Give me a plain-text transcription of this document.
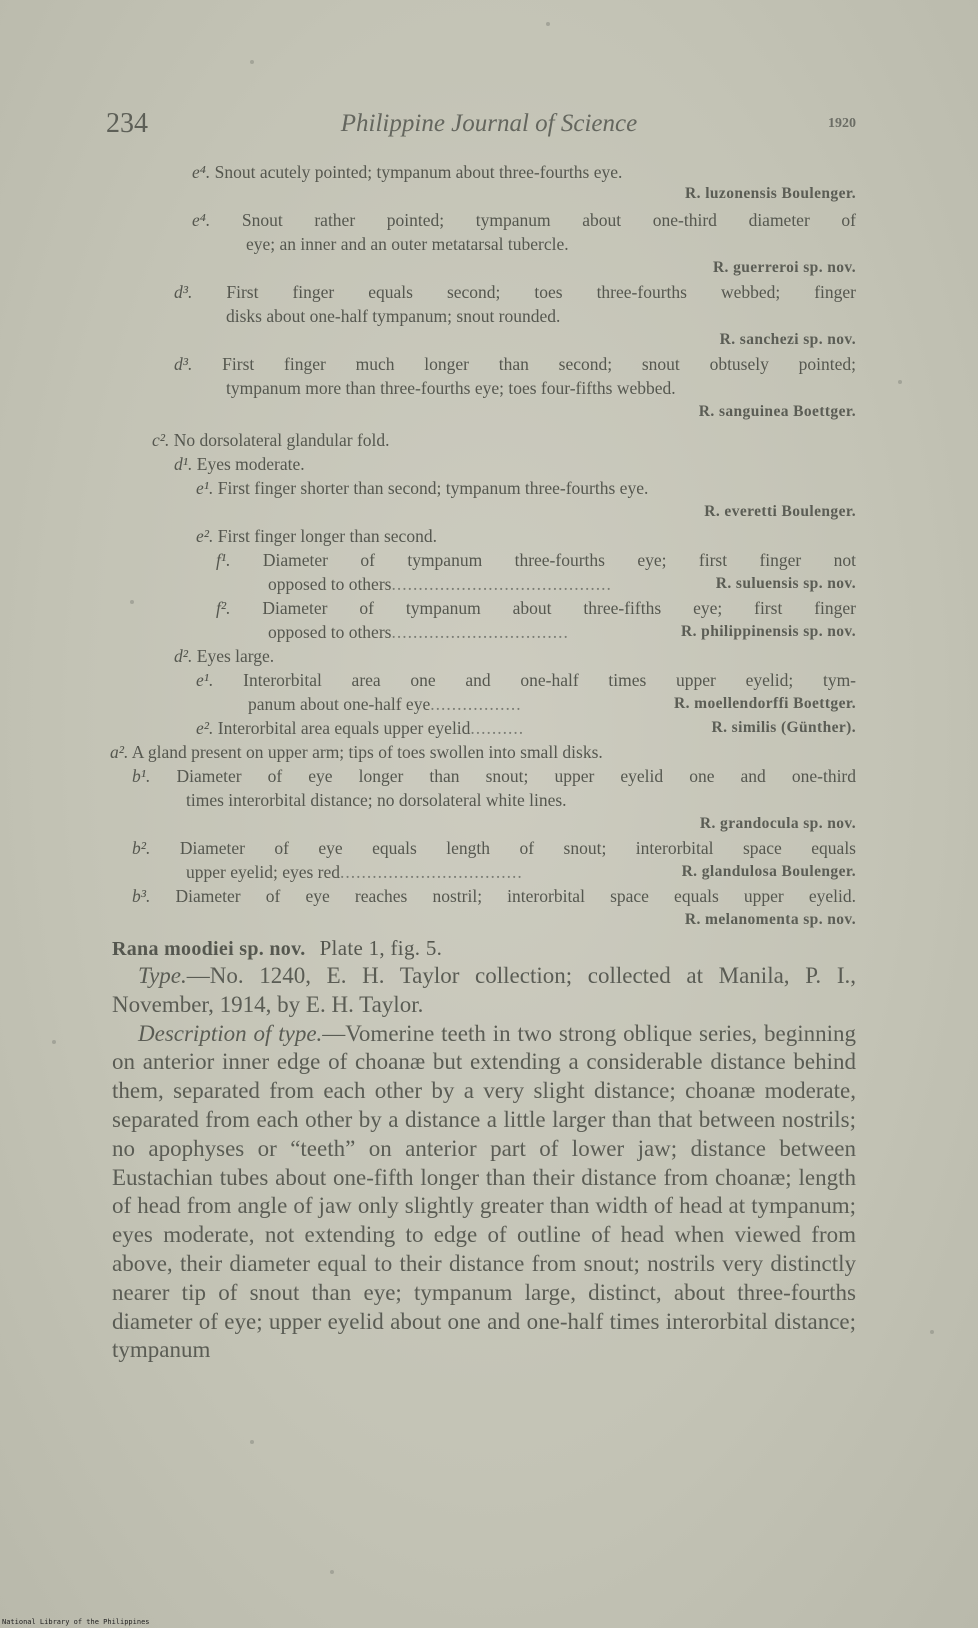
234	Philippine Journal of Science	1920
e⁴. Snout acutely pointed; tympanum about three-fourths eye.
R. luzonensis Boulenger.
e⁴. Snout rather pointed; tympanum about one-third diameter of
eye; an inner and an outer metatarsal tubercle.
R. guerreroi sp. nov.
d³. First finger equals second; toes three-fourths webbed; finger
disks about one-half tympanum; snout rounded.
R. sanchezi sp. nov.
d³. First finger much longer than second; snout obtusely pointed;
tympanum more than three-fourths eye; toes four-fifths webbed.
R. sanguinea Boettger.
c². No dorsolateral glandular fold.
d¹. Eyes moderate.
e¹. First finger shorter than second; tympanum three-fourths eye.
R. everetti Boulenger.
e². First finger longer than second.
f¹. Diameter of tympanum three-fourths eye; first finger not
opposed to others.........................................	R. suluensis sp. nov.
f². Diameter of tympanum about three-fifths eye; first finger
opposed to others.................................	R. philippinensis sp. nov.
d². Eyes large.
e¹. Interorbital area one and one-half times upper eyelid; tym-
panum about one-half eye.................	R. moellendorffi Boettger.
e². Interorbital area equals upper eyelid..........	R. similis (Günther).
a². A gland present on upper arm; tips of toes swollen into small disks.
b¹. Diameter of eye longer than snout; upper eyelid one and one-third
times interorbital distance; no dorsolateral white lines.
R. grandocula sp. nov.
b². Diameter of eye equals length of snout; interorbital space equals
upper eyelid; eyes red..................................	R. glandulosa Boulenger.
b³. Diameter of eye reaches nostril; interorbital space equals upper eyelid.
R. melanomenta sp. nov.
Rana moodiei sp. nov. Plate 1, fig. 5.

Type.—No. 1240, E. H. Taylor collection; collected at Manila, P. I., November, 1914, by E. H. Taylor.

Description of type.—Vomerine teeth in two strong oblique series, beginning on anterior inner edge of choanæ but extending a considerable distance behind them, separated from each other by a very slight distance; choanæ moderate, separated from each other by a distance a little larger than that between nostrils; no apophyses or “teeth” on anterior part of lower jaw; distance between Eustachian tubes about one-fifth longer than their distance from choanæ; length of head from angle of jaw only slightly greater than width of head at tympanum; eyes moderate, not extending to edge of outline of head when viewed from above, their diameter equal to their distance from snout; nostrils very distinctly nearer tip of snout than eye; tympanum large, distinct, about three-fourths diameter of eye; upper eyelid about one and one-half times interorbital distance; tympanum

National Library of the Philippines
